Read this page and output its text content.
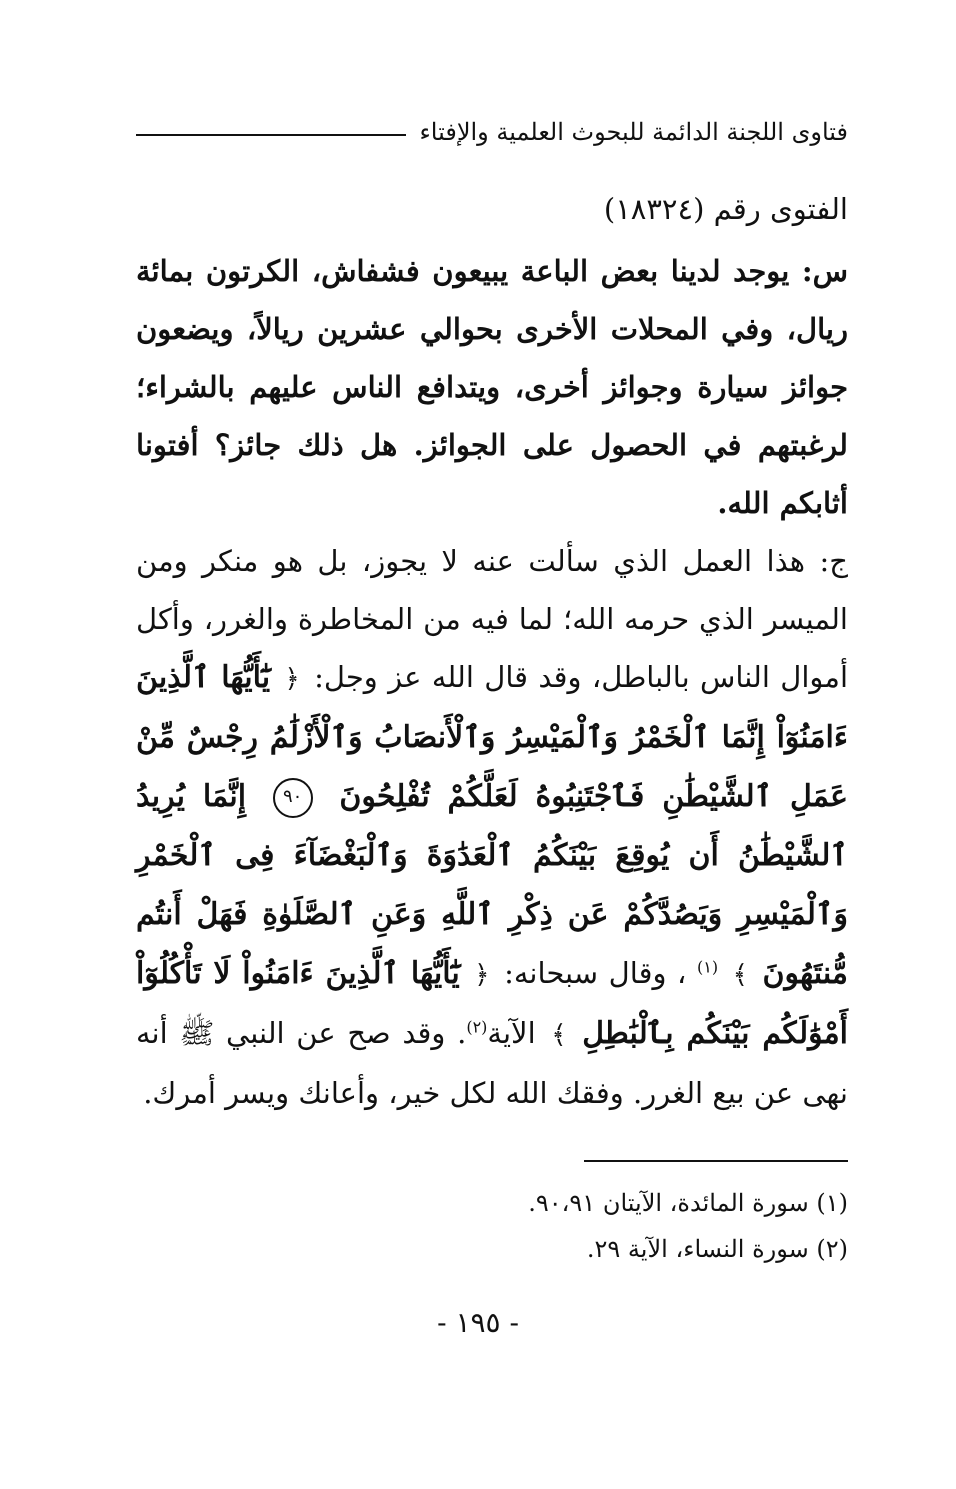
فتاوى اللجنة الدائمة للبحوث العلمية والإفتاء
الفتوى رقم (١٨٣٢٤)
س: يوجد لدينا بعض الباعة يبيعون فشفاش، الكرتون بمائة ريال، وفي المحلات الأخرى بحوالي عشرين ريالاً، ويضعون جوائز سيارة وجوائز أخرى، ويتدافع الناس عليهم بالشراء؛ لرغبتهم في الحصول على الجوائز. هل ذلك جائز؟ أفتونا أثابكم الله.
ج: هذا العمل الذي سألت عنه لا يجوز، بل هو منكر ومن الميسر الذي حرمه الله؛ لما فيه من المخاطرة والغرر، وأكل أموال الناس بالباطل، وقد قال الله عز وجل: ﴿ يَٰٓأَيُّهَا ٱلَّذِينَ ءَامَنُوٓاْ إِنَّمَا ٱلْخَمْرُ وَٱلْمَيْسِرُ وَٱلْأَنصَابُ وَٱلْأَزْلَٰمُ رِجْسٌ مِّنْ عَمَلِ ٱلشَّيْطَٰنِ فَٱجْتَنِبُوهُ لَعَلَّكُمْ تُفْلِحُونَ ٩٠ إِنَّمَا يُرِيدُ ٱلشَّيْطَٰنُ أَن يُوقِعَ بَيْنَكُمُ ٱلْعَدَٰوَةَ وَٱلْبَغْضَآءَ فِى ٱلْخَمْرِ وَٱلْمَيْسِرِ وَيَصُدَّكُمْ عَن ذِكْرِ ٱللَّهِ وَعَنِ ٱلصَّلَوٰةِ فَهَلْ أَنتُم مُّنتَهُونَ ﴾ $^{(١)}$ ، وقال سبحانه: ﴿ يَٰٓأَيُّهَا ٱلَّذِينَ ءَامَنُواْ لَا تَأْكُلُوٓاْ أَمْوَٰلَكُم بَيْنَكُم بِٱلْبَٰطِلِ ﴾ الآية$^{(٢)}$. وقد صح عن النبي ﷺ أنه نهى عن بيع الغرر. وفقك الله لكل خير، وأعانك ويسر أمرك.
(١) سورة المائدة، الآيتان ٩٠،٩١.
(٢) سورة النساء، الآية ٢٩.
- ١٩٥ -
